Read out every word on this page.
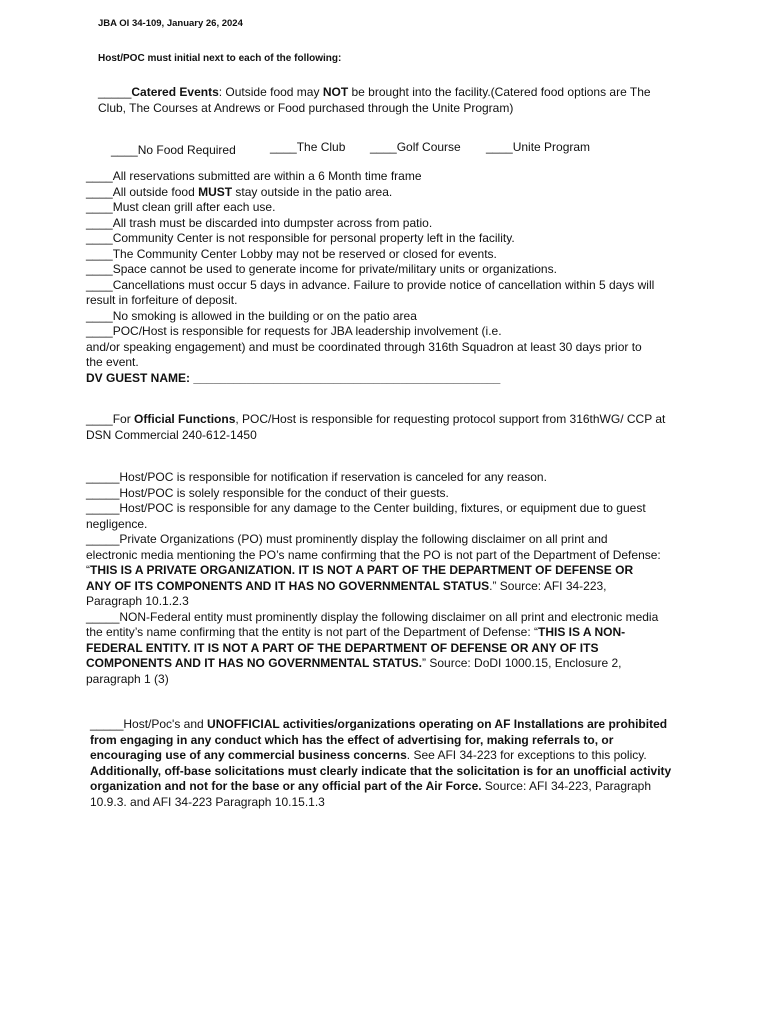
JBA OI 34-109, January 26, 2024
Host/POC must initial next to each of the following:

_____Catered Events: Outside food may NOT be brought into the facility.(Catered food options are The Club, The Courses at Andrews or Food purchased through the Unite Program)

____No Food Required	____The Club ____Golf Course ____Unite Program
____All reservations submitted are within a 6 Month time frame
____All outside food MUST stay outside in the patio area.
____Must clean grill after each use.
____All trash must be discarded into dumpster across from patio.
____Community Center is not responsible for personal property left in the facility.
____The Community Center Lobby may not be reserved or closed for events.
____Space cannot be used to generate income for private/military units or organizations.
____Cancellations must occur 5 days in advance. Failure to provide notice of cancellation within 5 days will result in forfeiture of deposit.
____No smoking is allowed in the building or on the patio area
____POC/Host is responsible for requests for JBA leadership involvement (i.e.
and/or speaking engagement) and must be coordinated through 316th Squadron at least 30 days prior to the event.
DV GUEST NAME: ______________________________________________

____For Official Functions, POC/Host is responsible for requesting protocol support from 316thWG/ CCP at DSN Commercial 240-612-1450

_____Host/POC is responsible for notification if reservation is canceled for any reason.
_____Host/POC is solely responsible for the conduct of their guests.
_____Host/POC is responsible for any damage to the Center building, fixtures, or equipment due to guest negligence.
_____Private Organizations (PO) must prominently display the following disclaimer on all print and electronic media mentioning the PO’s name confirming that the PO is not part of the Department of Defense: “THIS IS A PRIVATE ORGANIZATION. IT IS NOT A PART OF THE DEPARTMENT OF DEFENSE OR ANY OF ITS COMPONENTS AND IT HAS NO GOVERNMENTAL STATUS.” Source: AFI 34-223, Paragraph 10.1.2.3
_____NON-Federal entity must prominently display the following disclaimer on all print and electronic media
the entity’s name confirming that the entity is not part of the Department of Defense: “THIS IS A NON-FEDERAL ENTITY. IT IS NOT A PART OF THE DEPARTMENT OF DEFENSE OR ANY OF ITS COMPONENTS AND IT HAS NO GOVERNMENTAL STATUS.” Source: DoDI 1000.15, Enclosure 2, paragraph 1 (3)

_____Host/Poc's and UNOFFICIAL activities/organizations operating on AF Installations are prohibited from engaging in any conduct which has the effect of advertising for, making referrals to, or encouraging use of any commercial business concerns. See AFI 34-223 for exceptions to this policy. Additionally, off-base solicitations must clearly indicate that the solicitation is for an unofficial activity organization and not for the base or any official part of the Air Force. Source: AFI 34-223, Paragraph 10.9.3. and AFI 34-223 Paragraph 10.15.1.3
